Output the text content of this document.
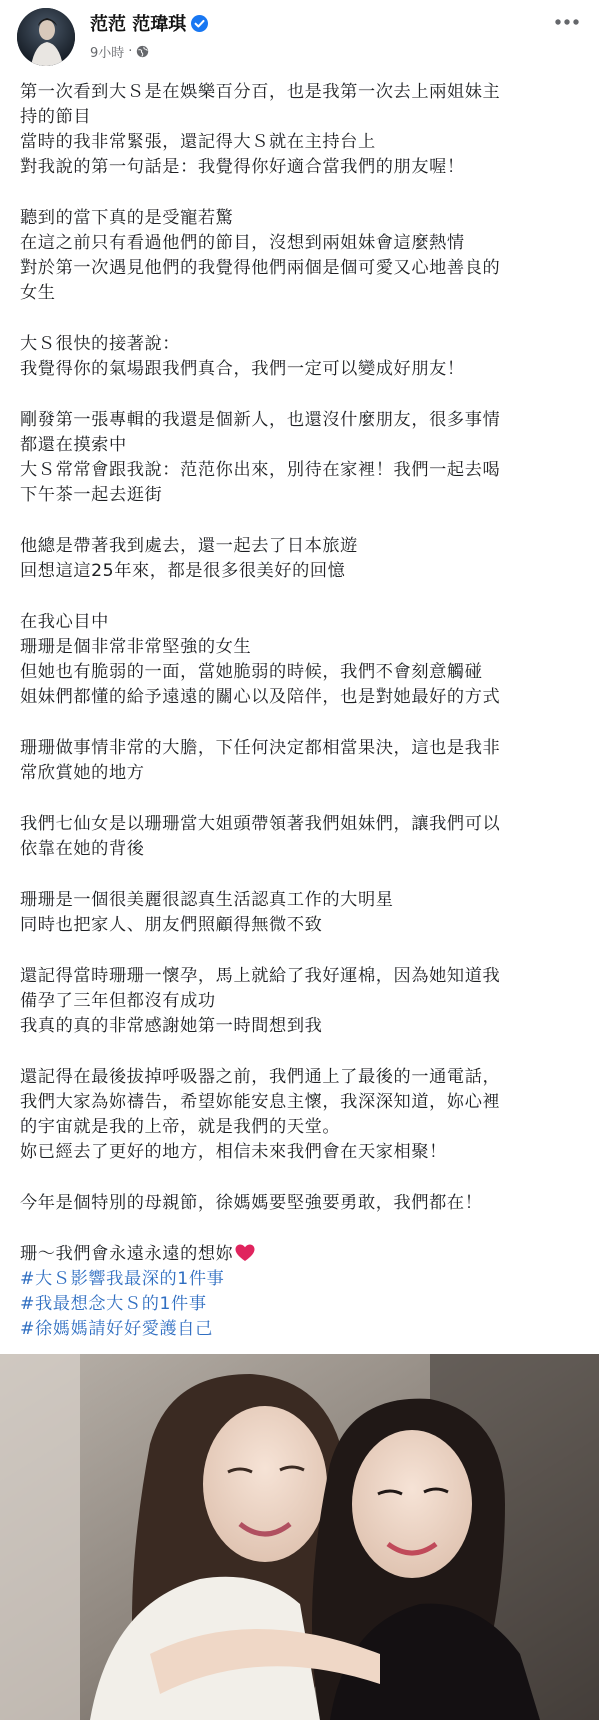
范范 范瑋琪
9小時 ·

第一次看到大Ｓ是在娛樂百分百，也是我第一次去上兩姐妹主

持的節目

當時的我非常緊張，還記得大Ｓ就在主持台上

對我說的第一句話是：我覺得你好適合當我們的朋友喔！

聽到的當下真的是受寵若驚

在這之前只有看過他們的節目，沒想到兩姐妹會這麼熱情

對於第一次遇見他們的我覺得他們兩個是個可愛又心地善良的

女生

大Ｓ很快的接著說：

我覺得你的氣場跟我們真合，我們一定可以變成好朋友！

剛發第一張專輯的我還是個新人，也還沒什麼朋友，很多事情

都還在摸索中

大Ｓ常常會跟我說：范范你出來，別待在家裡！我們一起去喝

下午茶一起去逛街

他總是帶著我到處去，還一起去了日本旅遊

回想這這25年來，都是很多很美好的回憶

在我心目中

珊珊是個非常非常堅強的女生

但她也有脆弱的一面，當她脆弱的時候，我們不會刻意觸碰

姐妹們都懂的給予遠遠的關心以及陪伴，也是對她最好的方式

珊珊做事情非常的大膽，下任何決定都相當果決，這也是我非

常欣賞她的地方

我們七仙女是以珊珊當大姐頭帶領著我們姐妹們，讓我們可以

依靠在她的背後

珊珊是一個很美麗很認真生活認真工作的大明星

同時也把家人、朋友們照顧得無微不致

還記得當時珊珊一懷孕，馬上就給了我好運棉，因為她知道我

備孕了三年但都沒有成功

我真的真的非常感謝她第一時間想到我

還記得在最後拔掉呼吸器之前，我們通上了最後的一通電話，

我們大家為妳禱告，希望妳能安息主懷，我深深知道，妳心裡

的宇宙就是我的上帝，就是我們的天堂。

妳已經去了更好的地方，相信未來我們會在天家相聚！

今年是個特別的母親節，徐媽媽要堅強要勇敢，我們都在！

珊～我們會永遠永遠的想妳

#大Ｓ影響我最深的1件事
#我最想念大Ｓ的1件事
#徐媽媽請好好愛護自己
